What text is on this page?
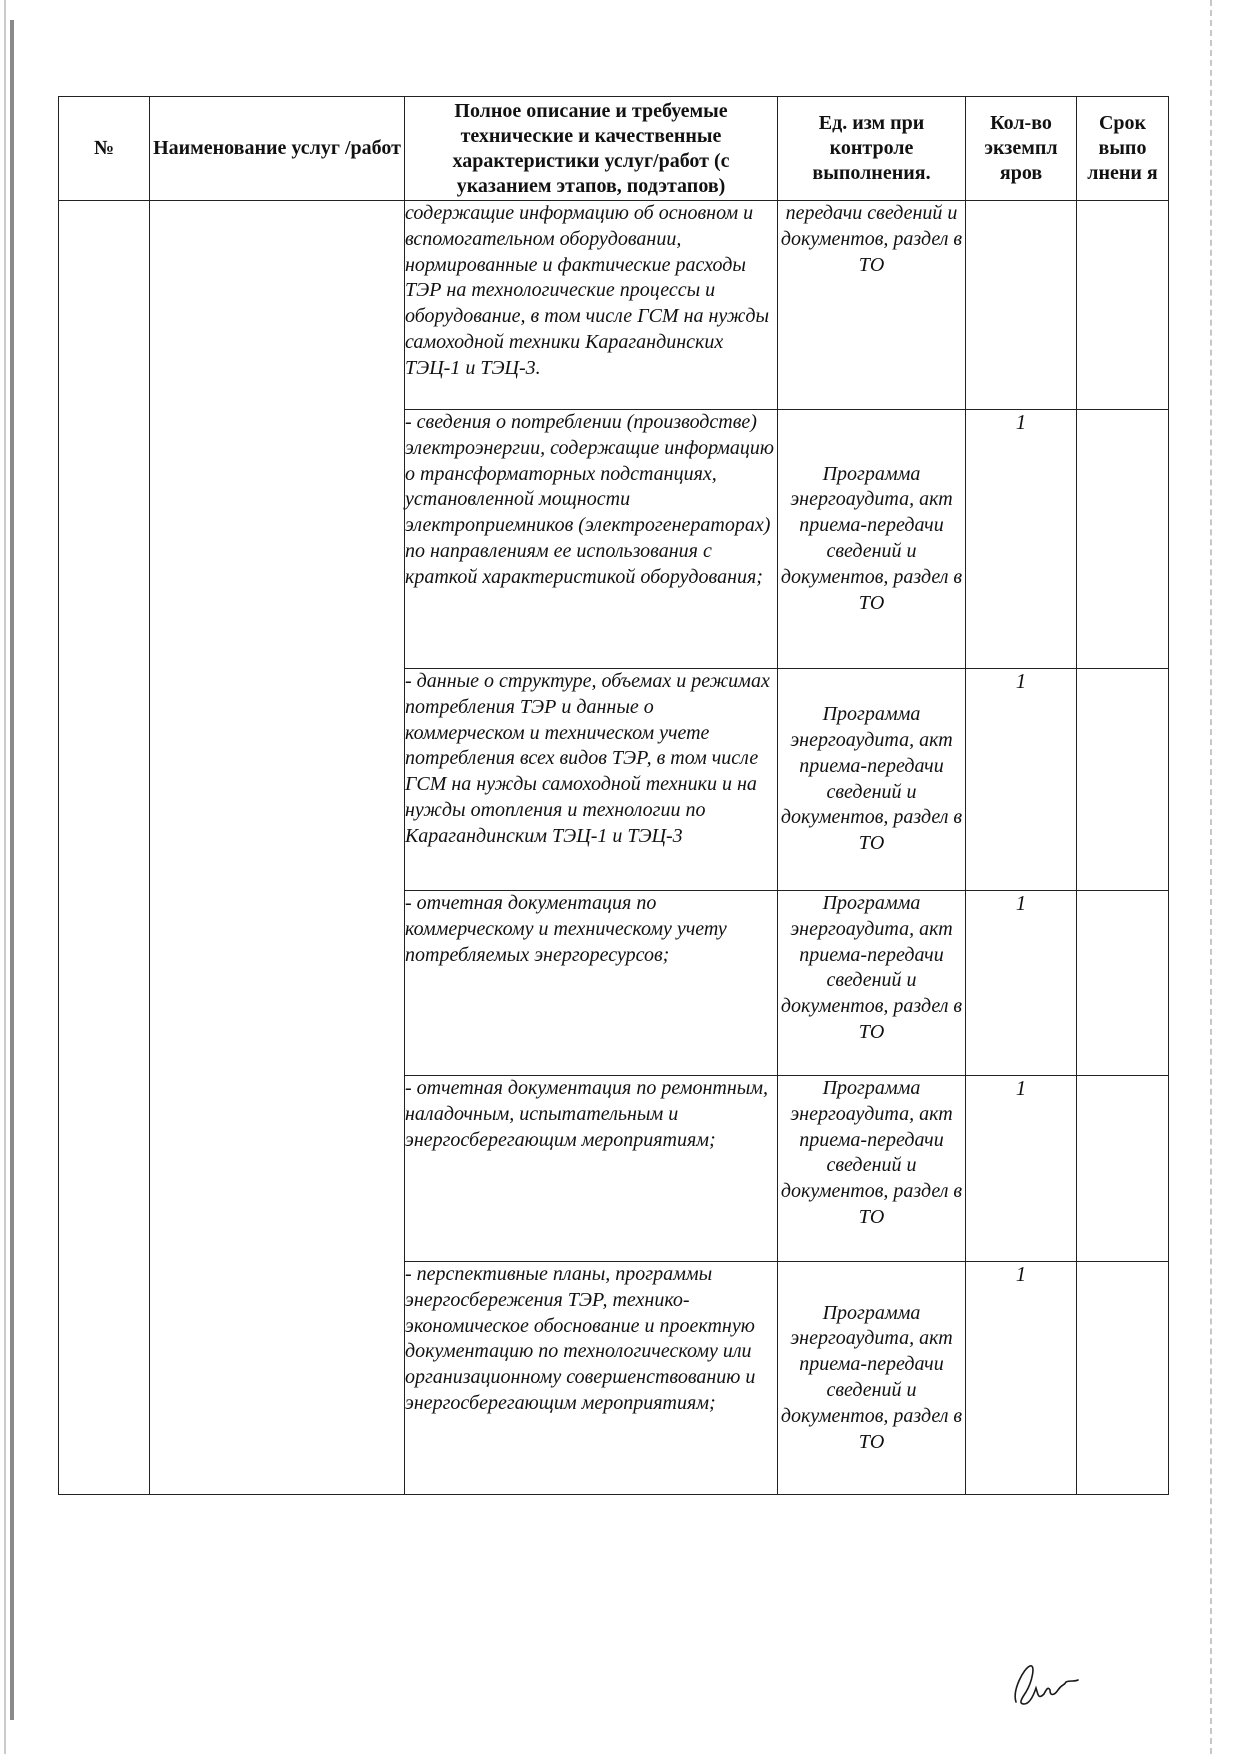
№	Наименование услуг /работ	Полное описание и требуемые технические и качественные характеристики услуг/работ (с указанием этапов, подэтапов)	Ед. изм при контроле выполнения.	Кол-во экземпл яров	Срок выпо лнени я
		содержащие информацию об основном и вспомогательном оборудовании, нормированные и фактические расходы ТЭР на технологические процессы и оборудование, в том числе ГСМ на нужды самоходной техники Карагандинских ТЭЦ-1 и ТЭЦ-3.	передачи сведений и документов, раздел в ТО		
		- сведения о потреблении (производстве) электроэнергии, содержащие информацию о трансформаторных подстанциях, установленной мощности электроприемников (электрогенераторах) по направлениям ее использования с краткой характеристикой оборудования;	Программа энергоаудита, акт приема-передачи сведений и документов, раздел в ТО	1	
		- данные о структуре, объемах и режимах потребления ТЭР и данные о коммерческом и техническом учете потребления всех видов ТЭР, в том числе ГСМ на нужды самоходной техники и на нужды отопления и технологии по Карагандинским ТЭЦ-1 и ТЭЦ-3	Программа энергоаудита, акт приема-передачи сведений и документов, раздел в ТО	1	
		- отчетная документация по коммерческому и техническому учету потребляемых энергоресурсов;	Программа энергоаудита, акт приема-передачи сведений и документов, раздел в ТО	1	
		- отчетная документация по ремонтным, наладочным, испытательным и энергосберегающим мероприятиям;	Программа энергоаудита, акт приема-передачи сведений и документов, раздел в ТО	1	
		- перспективные планы, программы энергосбережения ТЭР, технико-экономическое обоснование и проектную документацию по технологическому или организационному совершенствованию и энергосберегающим мероприятиям;	Программа энергоаудита, акт приема-передачи сведений и документов, раздел в ТО	1	
